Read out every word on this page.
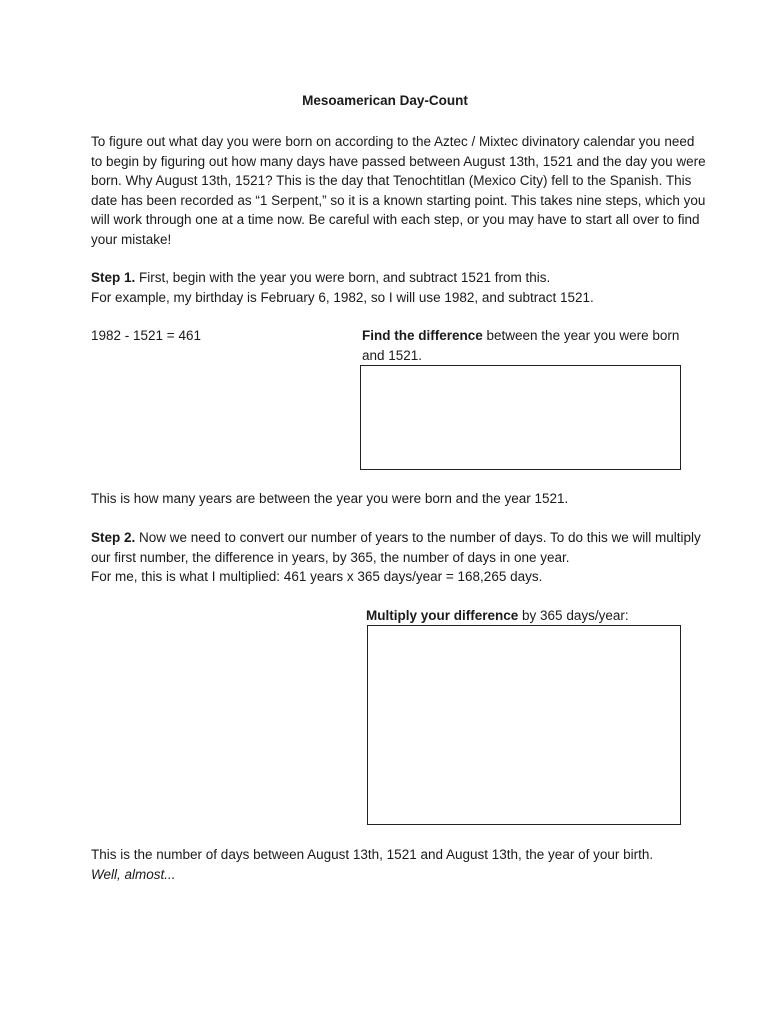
Mesoamerican Day-Count
To figure out what day you were born on according to the Aztec / Mixtec divinatory calendar you need to begin by figuring out how many days have passed between August 13th, 1521 and the day you were born. Why August 13th, 1521? This is the day that Tenochtitlan (Mexico City) fell to the Spanish. This date has been recorded as “1 Serpent,” so it is a known starting point. This takes nine steps, which you will work through one at a time now. Be careful with each step, or you may have to start all over to find your mistake!
Step 1. First, begin with the year you were born, and subtract 1521 from this.
For example, my birthday is February 6, 1982, so I will use 1982, and subtract 1521.
1982 - 1521 = 461	Find the difference between the year you were born and 1521.
This is how many years are between the year you were born and the year 1521.
Step 2. Now we need to convert our number of years to the number of days. To do this we will multiply our first number, the difference in years, by 365, the number of days in one year.
For me, this is what I multiplied: 461 years x 365 days/year = 168,265 days.
Multiply your difference by 365 days/year:
This is the number of days between August 13th, 1521 and August 13th, the year of your birth.
Well, almost...
